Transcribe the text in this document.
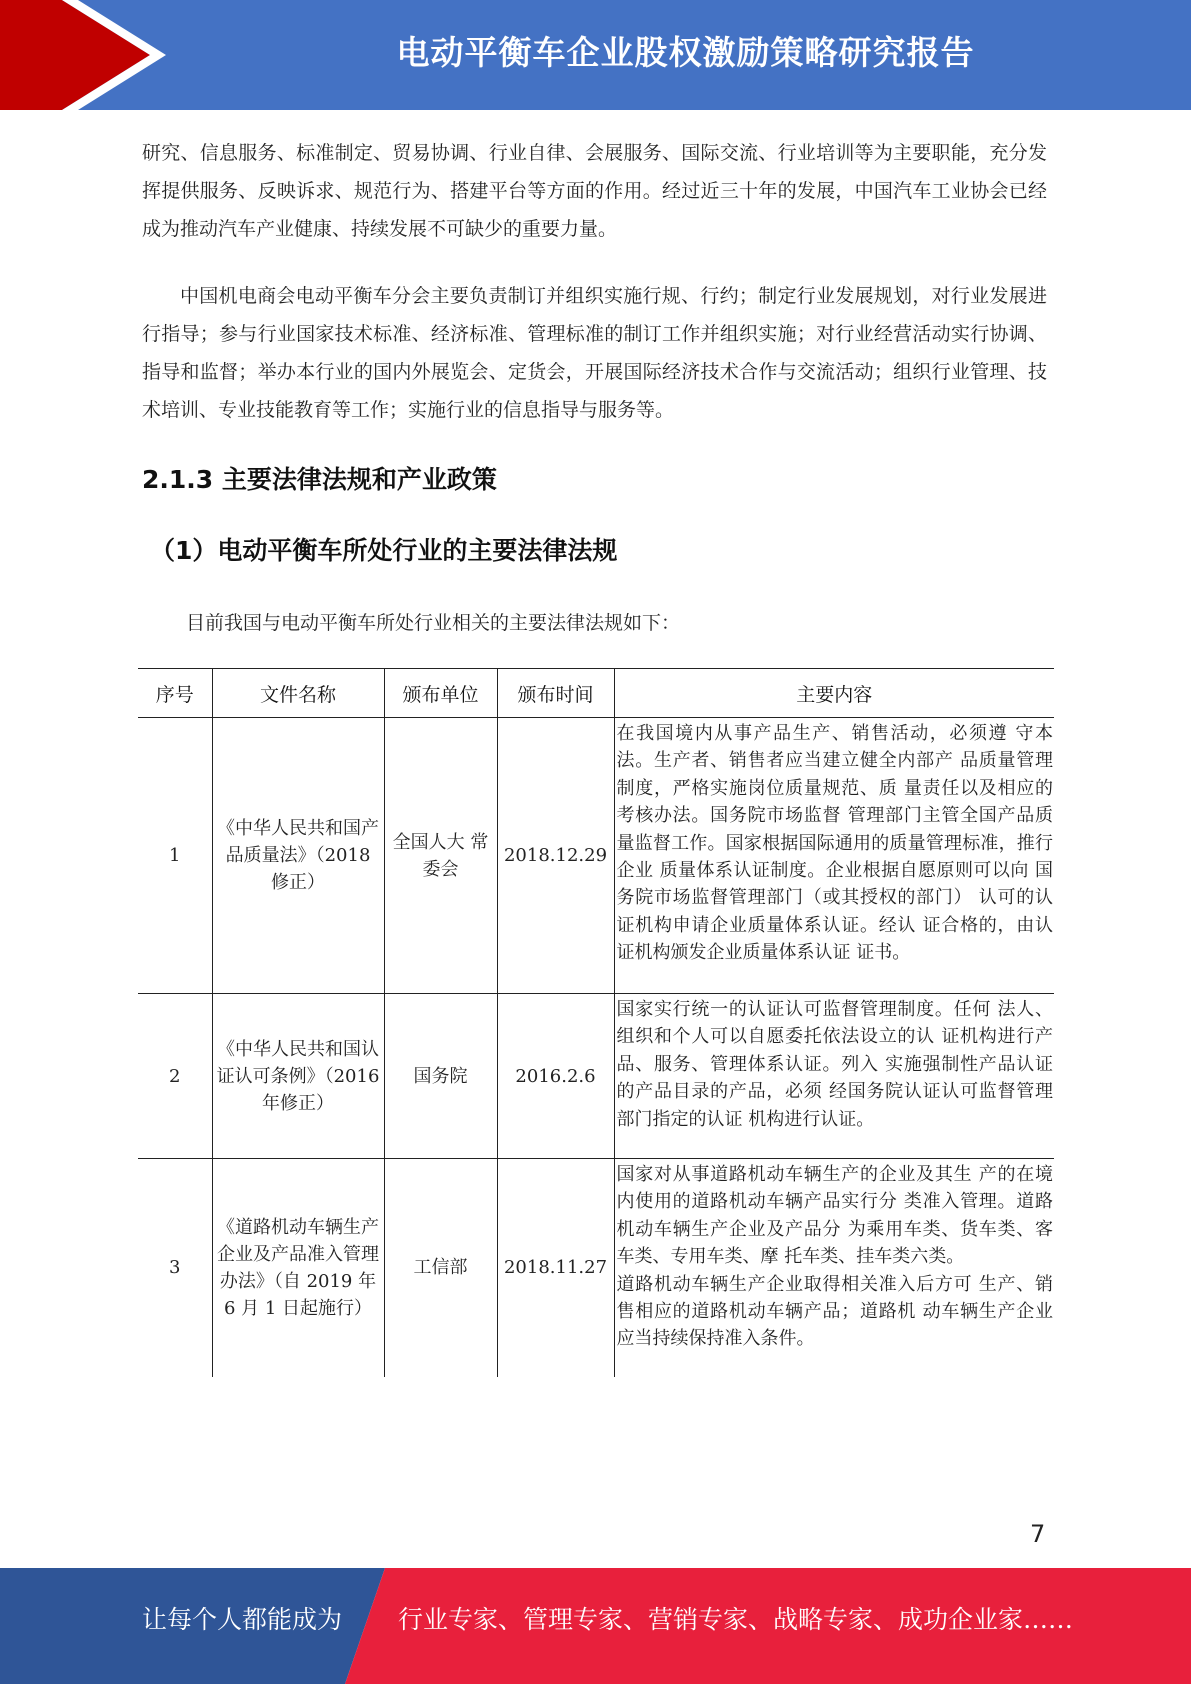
电动平衡车企业股权激励策略研究报告

研究、信息服务、标准制定、贸易协调、行业自律、会展服务、国际交流、行业培训等为主要职能，充分发挥提供服务、反映诉求、规范行为、搭建平台等方面的作用。经过近三十年的发展，中国汽车工业协会已经成为推动汽车产业健康、持续发展不可缺少的重要力量。

中国机电商会电动平衡车分会主要负责制订并组织实施行规、行约；制定行业发展规划，对行业发展进行指导；参与行业国家技术标准、经济标准、管理标准的制订工作并组织实施；对行业经营活动实行协调、指导和监督；举办本行业的国内外展览会、定货会，开展国际经济技术合作与交流活动；组织行业管理、技术培训、专业技能教育等工作；实施行业的信息指导与服务等。

2.1.3 主要法律法规和产业政策
（1）电动平衡车所处行业的主要法律法规

目前我国与电动平衡车所处行业相关的主要法律法规如下：

序号	文件名称	颁布单位	颁布时间	主要内容
1	《中华人民共和国产品质量法》（2018 修正）	全国人大 常委会	2018.12.29	在我国境内从事产品生产、销售活动，必须遵 守本法。生产者、销售者应当建立健全内部产 品质量管理制度，严格实施岗位质量规范、质 量责任以及相应的考核办法。国务院市场监督 管理部门主管全国产品质量监督工作。国家根据国际通用的质量管理标准，推行企业 质量体系认证制度。企业根据自愿原则可以向 国务院市场监督管理部门（或其授权的部门） 认可的认证机构申请企业质量体系认证。经认 证合格的，由认证机构颁发企业质量体系认证 证书。
2	《中华人民共和国认证认可条例》（2016 年修正）	国务院	2016.2.6	国家实行统一的认证认可监督管理制度。任何 法人、组织和个人可以自愿委托依法设立的认 证机构进行产品、服务、管理体系认证。列入 实施强制性产品认证的产品目录的产品，必须 经国务院认证认可监督管理部门指定的认证 机构进行认证。
3	《道路机动车辆生产企业及产品准入管理办法》（自 2019 年 6 月 1 日起施行）	工信部	2018.11.27	国家对从事道路机动车辆生产的企业及其生 产的在境内使用的道路机动车辆产品实行分 类准入管理。道路机动车辆生产企业及产品分 为乘用车类、货车类、客车类、专用车类、摩 托车类、挂车类六类。
道路机动车辆生产企业取得相关准入后方可 生产、销售相应的道路机动车辆产品；道路机 动车辆生产企业应当持续保持准入条件。
7
让每个人都能成为 行业专家、管理专家、营销专家、战略专家、成功企业家……
